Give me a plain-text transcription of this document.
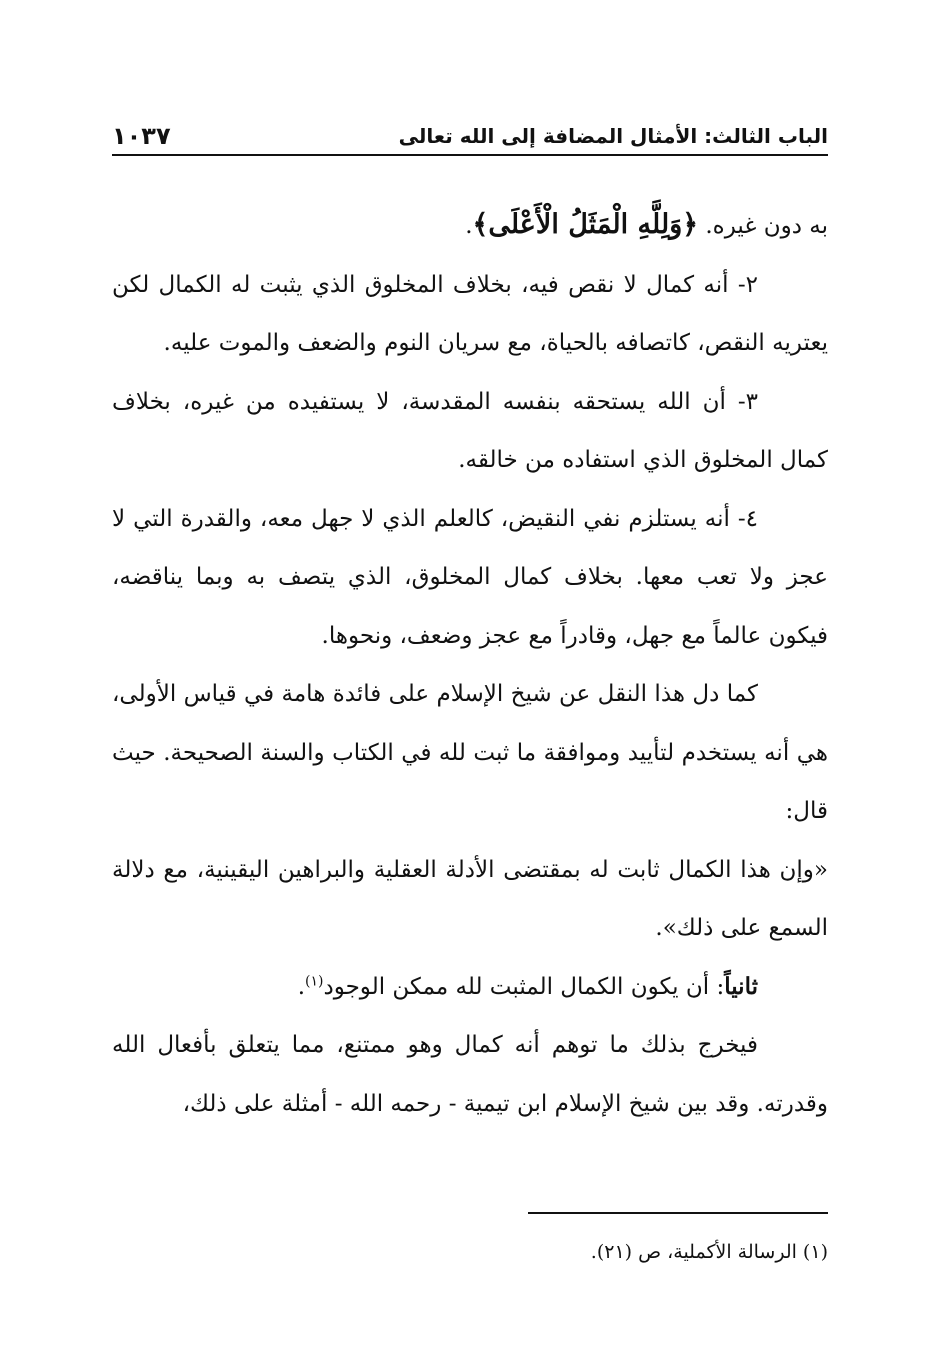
الباب الثالث: الأمثال المضافة إلى الله تعالى
١٠٣٧

به دون غيره. ﴿وَلِلَّهِ الْمَثَلُ الْأَعْلَى﴾.

٢- أنه كمال لا نقص فيه، بخلاف المخلوق الذي يثبت له الكمال لكن يعتريه النقص، كاتصافه بالحياة، مع سريان النوم والضعف والموت عليه.

٣- أن الله يستحقه بنفسه المقدسة، لا يستفيده من غيره، بخلاف كمال المخلوق الذي استفاده من خالقه.

٤- أنه يستلزم نفي النقيض، كالعلم الذي لا جهل معه، والقدرة التي لا عجز ولا تعب معها. بخلاف كمال المخلوق، الذي يتصف به وبما يناقضه، فيكون عالماً مع جهل، وقادراً مع عجز وضعف، ونحوها.

كما دل هذا النقل عن شيخ الإسلام على فائدة هامة في قياس الأولى، هي أنه يستخدم لتأييد وموافقة ما ثبت لله في الكتاب والسنة الصحيحة. حيث قال:

«وإن هذا الكمال ثابت له بمقتضى الأدلة العقلية والبراهين اليقينية، مع دلالة السمع على ذلك».

ثانياً: أن يكون الكمال المثبت لله ممكن الوجود$^{(١)}$.

فيخرج بذلك ما توهم أنه كمال وهو ممتنع، مما يتعلق بأفعال الله وقدرته. وقد بين شيخ الإسلام ابن تيمية - رحمه الله - أمثلة على ذلك،

(١) الرسالة الأكملية، ص (٢١).
